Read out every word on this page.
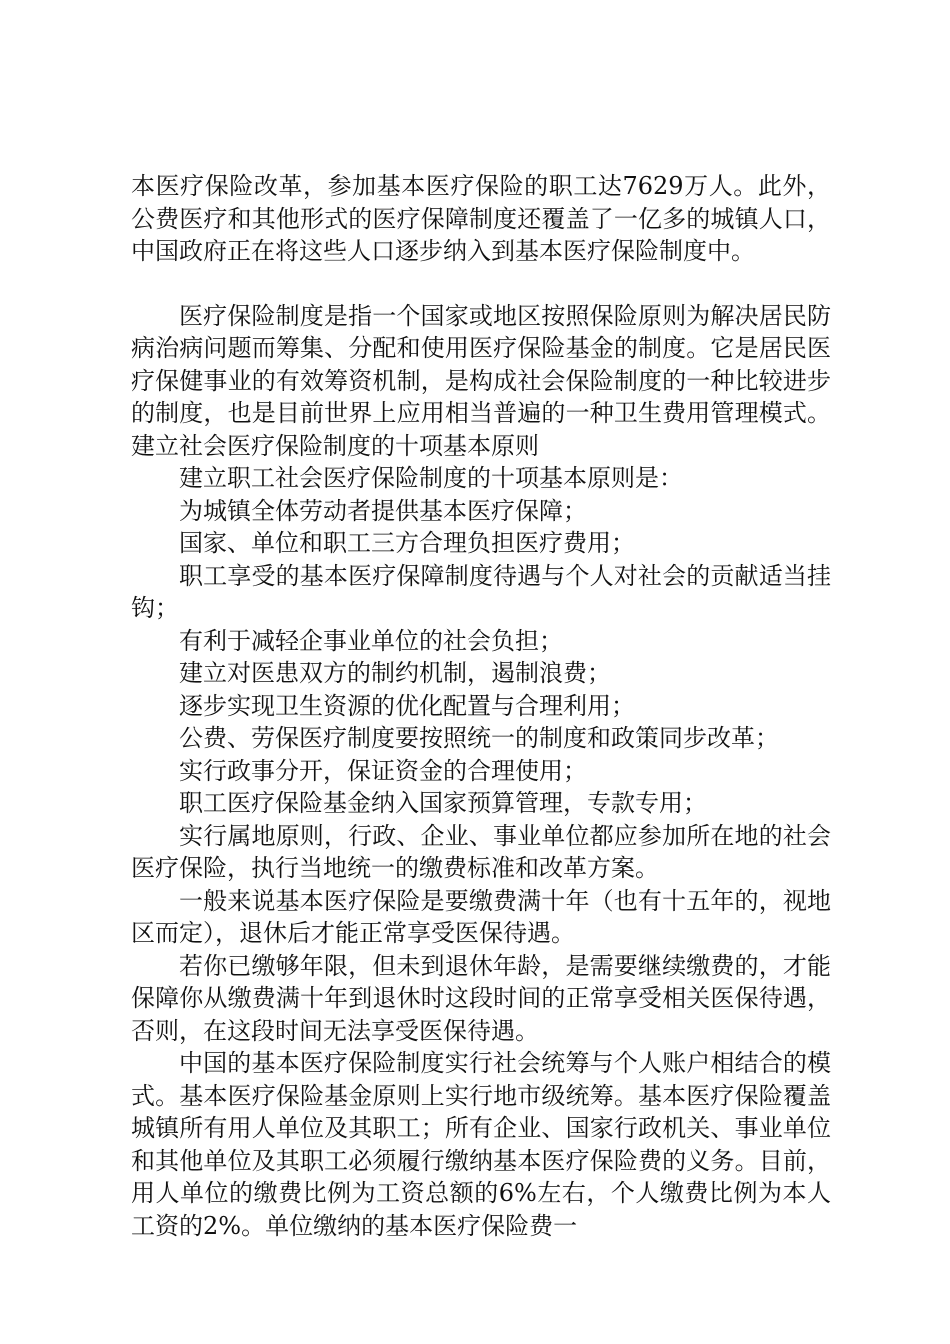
本医疗保险改革，参加基本医疗保险的职工达7629万人。此外，公费医疗和其他形式的医疗保障制度还覆盖了一亿多的城镇人口，中国政府正在将这些人口逐步纳入到基本医疗保险制度中。

医疗保险制度是指一个国家或地区按照保险原则为解决居民防病治病问题而筹集、分配和使用医疗保险基金的制度。它是居民医疗保健事业的有效筹资机制，是构成社会保险制度的一种比较进步的制度，也是目前世界上应用相当普遍的一种卫生费用管理模式。建立社会医疗保险制度的十项基本原则

建立职工社会医疗保险制度的十项基本原则是：

为城镇全体劳动者提供基本医疗保障；

国家、单位和职工三方合理负担医疗费用；

职工享受的基本医疗保障制度待遇与个人对社会的贡献适当挂钩；

有利于减轻企事业单位的社会负担；

建立对医患双方的制约机制，遏制浪费；

逐步实现卫生资源的优化配置与合理利用；

公费、劳保医疗制度要按照统一的制度和政策同步改革；

实行政事分开，保证资金的合理使用；

职工医疗保险基金纳入国家预算管理，专款专用；

实行属地原则，行政、企业、事业单位都应参加所在地的社会医疗保险，执行当地统一的缴费标准和改革方案。

一般来说基本医疗保险是要缴费满十年（也有十五年的，视地区而定），退休后才能正常享受医保待遇。

若你已缴够年限，但未到退休年龄，是需要继续缴费的，才能保障你从缴费满十年到退休时这段时间的正常享受相关医保待遇，否则，在这段时间无法享受医保待遇。

中国的基本医疗保险制度实行社会统筹与个人账户相结合的模式。基本医疗保险基金原则上实行地市级统筹。基本医疗保险覆盖城镇所有用人单位及其职工；所有企业、国家行政机关、事业单位和其他单位及其职工必须履行缴纳基本医疗保险费的义务。目前，用人单位的缴费比例为工资总额的6%左右，个人缴费比例为本人工资的2%。单位缴纳的基本医疗保险费一
